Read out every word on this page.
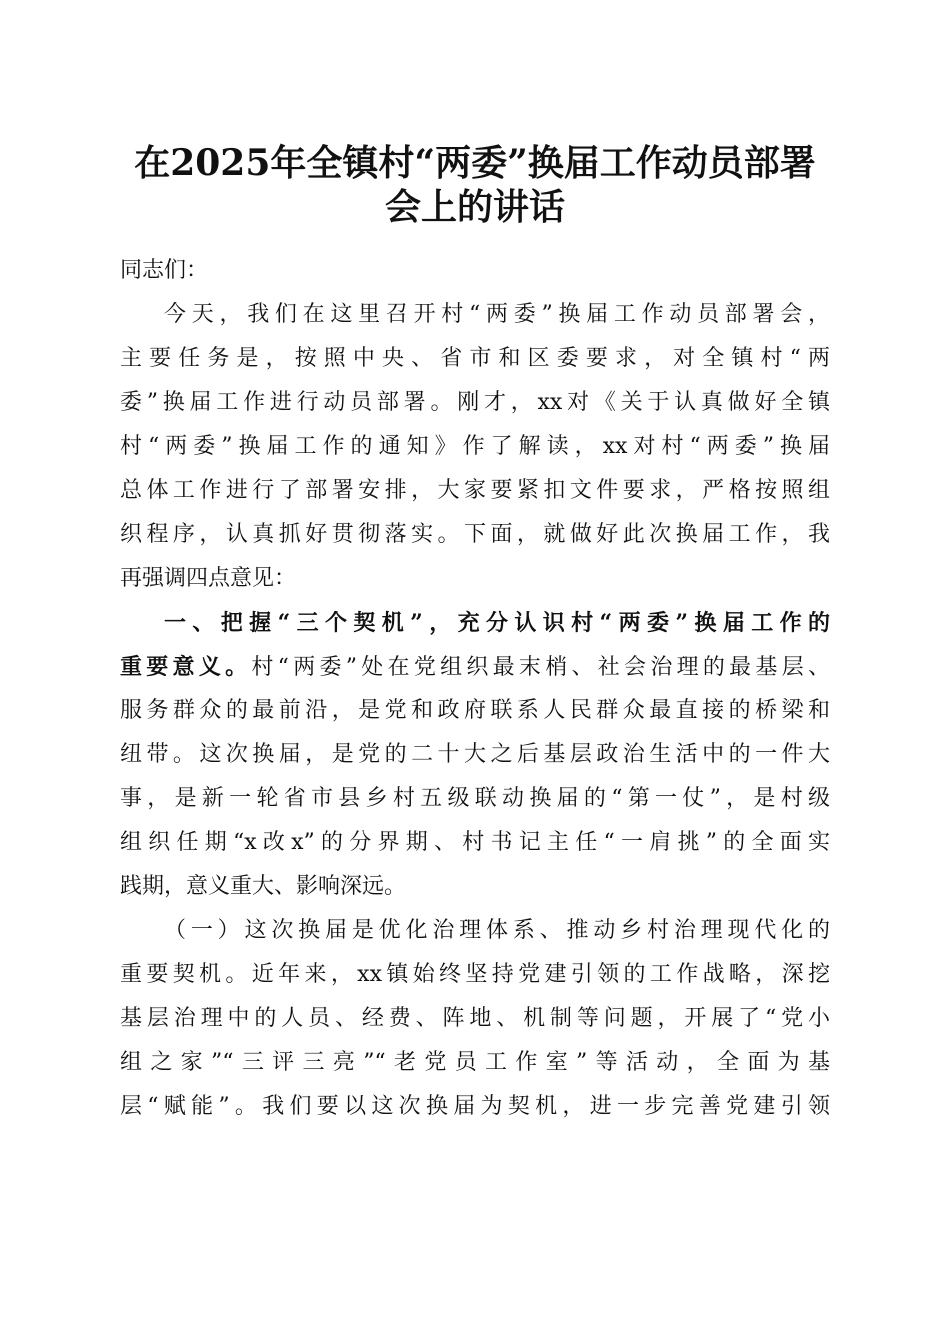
在2025年全镇村“两委”换届工作动员部署
会上的讲话
同志们：
今天，我们在这里召开村“两委”换届工作动员部署会，
主要任务是，按照中央、省市和区委要求，对全镇村“两
委”换届工作进行动员部署。刚才，xx对《关于认真做好全镇
村“两委”换届工作的通知》作了解读，xx对村“两委”换届
总体工作进行了部署安排，大家要紧扣文件要求，严格按照组
织程序，认真抓好贯彻落实。下面，就做好此次换届工作，我
再强调四点意见：
一、把握“三个契机”，充分认识村“两委”换届工作的
重要意义。村“两委”处在党组织最末梢、社会治理的最基层、
服务群众的最前沿，是党和政府联系人民群众最直接的桥梁和
纽带。这次换届，是党的二十大之后基层政治生活中的一件大
事，是新一轮省市县乡村五级联动换届的“第一仗”，是村级
组织任期“x改x”的分界期、村书记主任“一肩挑”的全面实
践期，意义重大、影响深远。
（一）这次换届是优化治理体系、推动乡村治理现代化的
重要契机。近年来，xx镇始终坚持党建引领的工作战略，深挖
基层治理中的人员、经费、阵地、机制等问题，开展了“党小
组之家”“三评三亮”“老党员工作室”等活动，全面为基
层“赋能”。我们要以这次换届为契机，进一步完善党建引领
